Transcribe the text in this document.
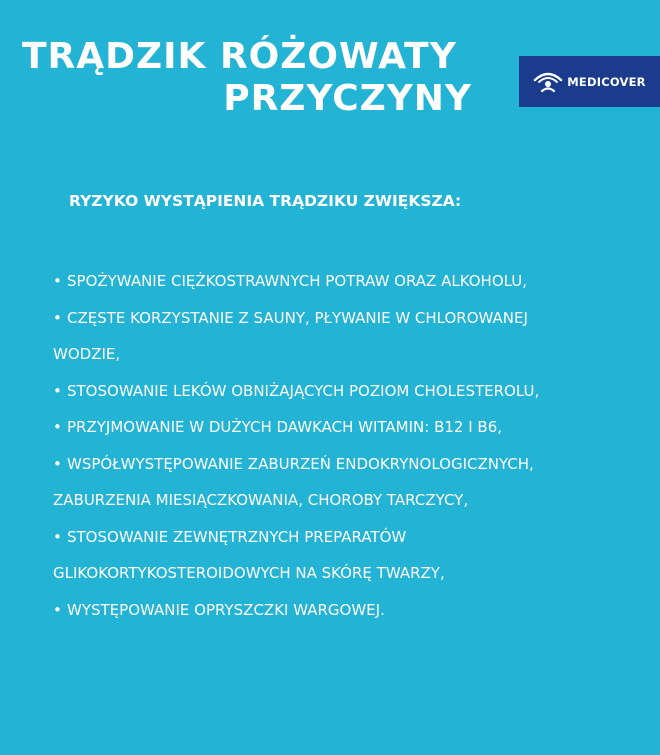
TRĄDZIK RÓŻOWATY
PRZYCZYNY	MEDICOVER
RYZYKO WYSTĄPIENIA TRĄDZIKU ZWIĘKSZA:
• SPOŻYWANIE CIĘŻKOSTRAWNYCH POTRAW ORAZ ALKOHOLU,
• CZĘSTE KORZYSTANIE Z SAUNY, PŁYWANIE W CHLOROWANEJ
WODZIE,
• STOSOWANIE LEKÓW OBNIŻAJĄCYCH POZIOM CHOLESTEROLU,
• PRZYJMOWANIE W DUŻYCH DAWKACH WITAMIN: B12 I B6,
• WSPÓŁWYSTĘPOWANIE ZABURZEŃ ENDOKRYNOLOGICZNYCH,
ZABURZENIA MIESIĄCZKOWANIA, CHOROBY TARCZYCY,
• STOSOWANIE ZEWNĘTRZNYCH PREPARATÓW
GLIKOKORTYKOSTEROIDOWYCH NA SKÓRĘ TWARZY,
• WYSTĘPOWANIE OPRYSZCZKI WARGOWEJ.
